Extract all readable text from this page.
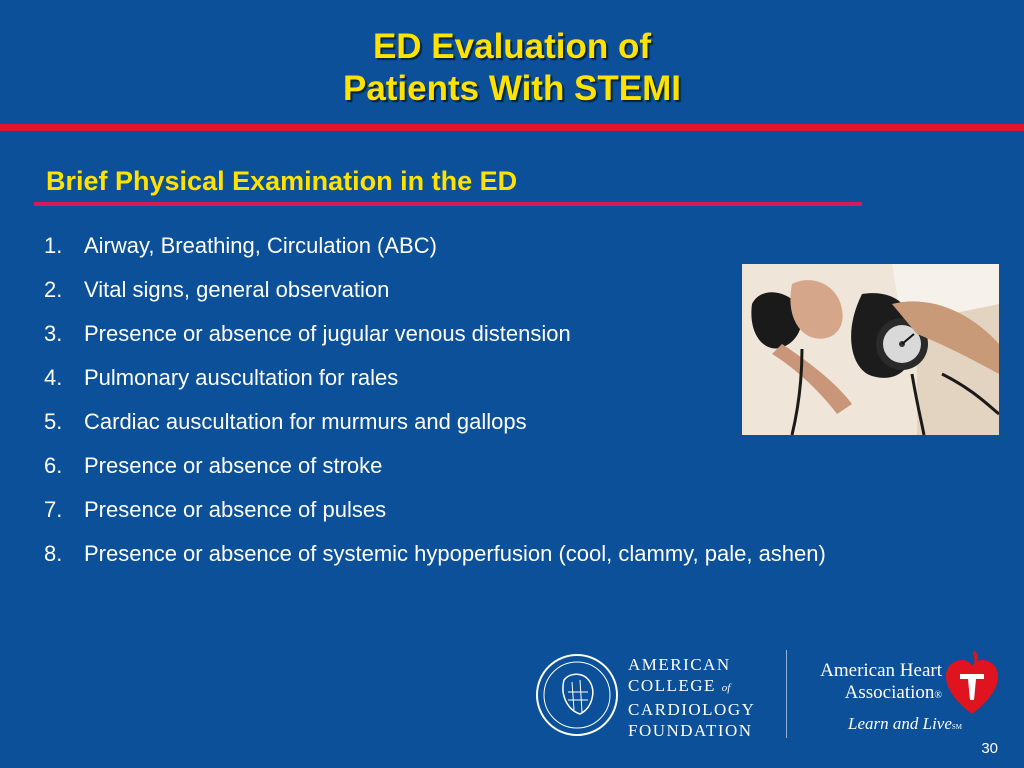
ED Evaluation of
Patients With STEMI
Brief Physical Examination in the ED
1. Airway, Breathing, Circulation (ABC)
2. Vital signs, general observation
3. Presence or absence of jugular venous distension
4. Pulmonary auscultation for rales
5. Cardiac auscultation for murmurs and gallops
6. Presence or absence of stroke
7. Presence or absence of pulses
8. Presence or absence of systemic hypoperfusion (cool, clammy, pale, ashen)
AMERICAN
COLLEGE of
CARDIOLOGY
FOUNDATION
American Heart
Association®
Learn and LiveSM
30
